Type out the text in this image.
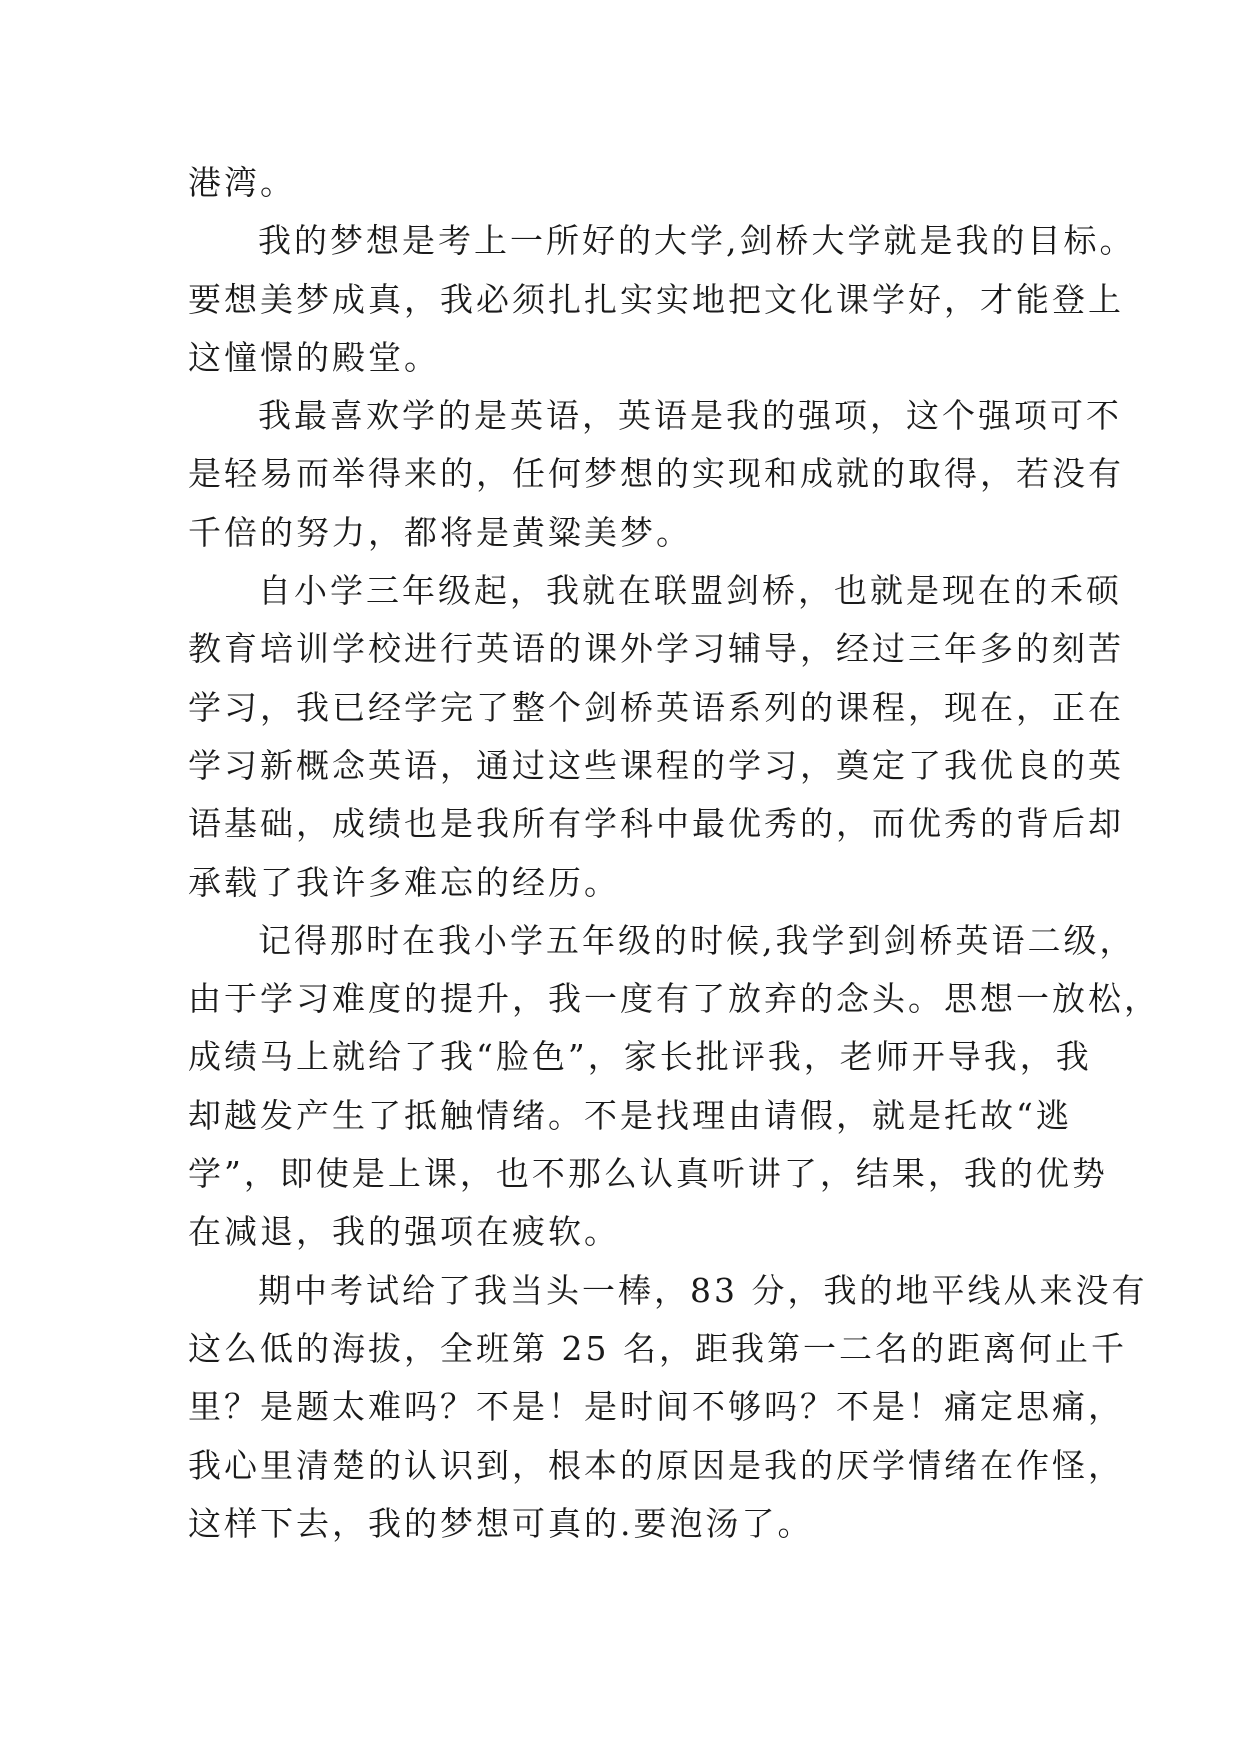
港湾。
我的梦想是考上一所好的大学,剑桥大学就是我的目标。
要想美梦成真，我必须扎扎实实地把文化课学好，才能登上
这憧憬的殿堂。
我最喜欢学的是英语，英语是我的强项，这个强项可不
是轻易而举得来的，任何梦想的实现和成就的取得，若没有
千倍的努力，都将是黄粱美梦。
自小学三年级起，我就在联盟剑桥，也就是现在的禾硕
教育培训学校进行英语的课外学习辅导，经过三年多的刻苦
学习，我已经学完了整个剑桥英语系列的课程，现在，正在
学习新概念英语，通过这些课程的学习，奠定了我优良的英
语基础，成绩也是我所有学科中最优秀的，而优秀的背后却
承载了我许多难忘的经历。
记得那时在我小学五年级的时候,我学到剑桥英语二级，
由于学习难度的提升，我一度有了放弃的念头。思想一放松，
成绩马上就给了我“脸色”，家长批评我，老师开导我，我
却越发产生了抵触情绪。不是找理由请假，就是托故“逃
学”，即使是上课，也不那么认真听讲了，结果，我的优势
在减退，我的强项在疲软。
期中考试给了我当头一棒，83 分，我的地平线从来没有
这么低的海拔，全班第 25 名，距我第一二名的距离何止千
里？是题太难吗？不是！是时间不够吗？不是！痛定思痛，
我心里清楚的认识到，根本的原因是我的厌学情绪在作怪，
这样下去，我的梦想可真的.要泡汤了。
